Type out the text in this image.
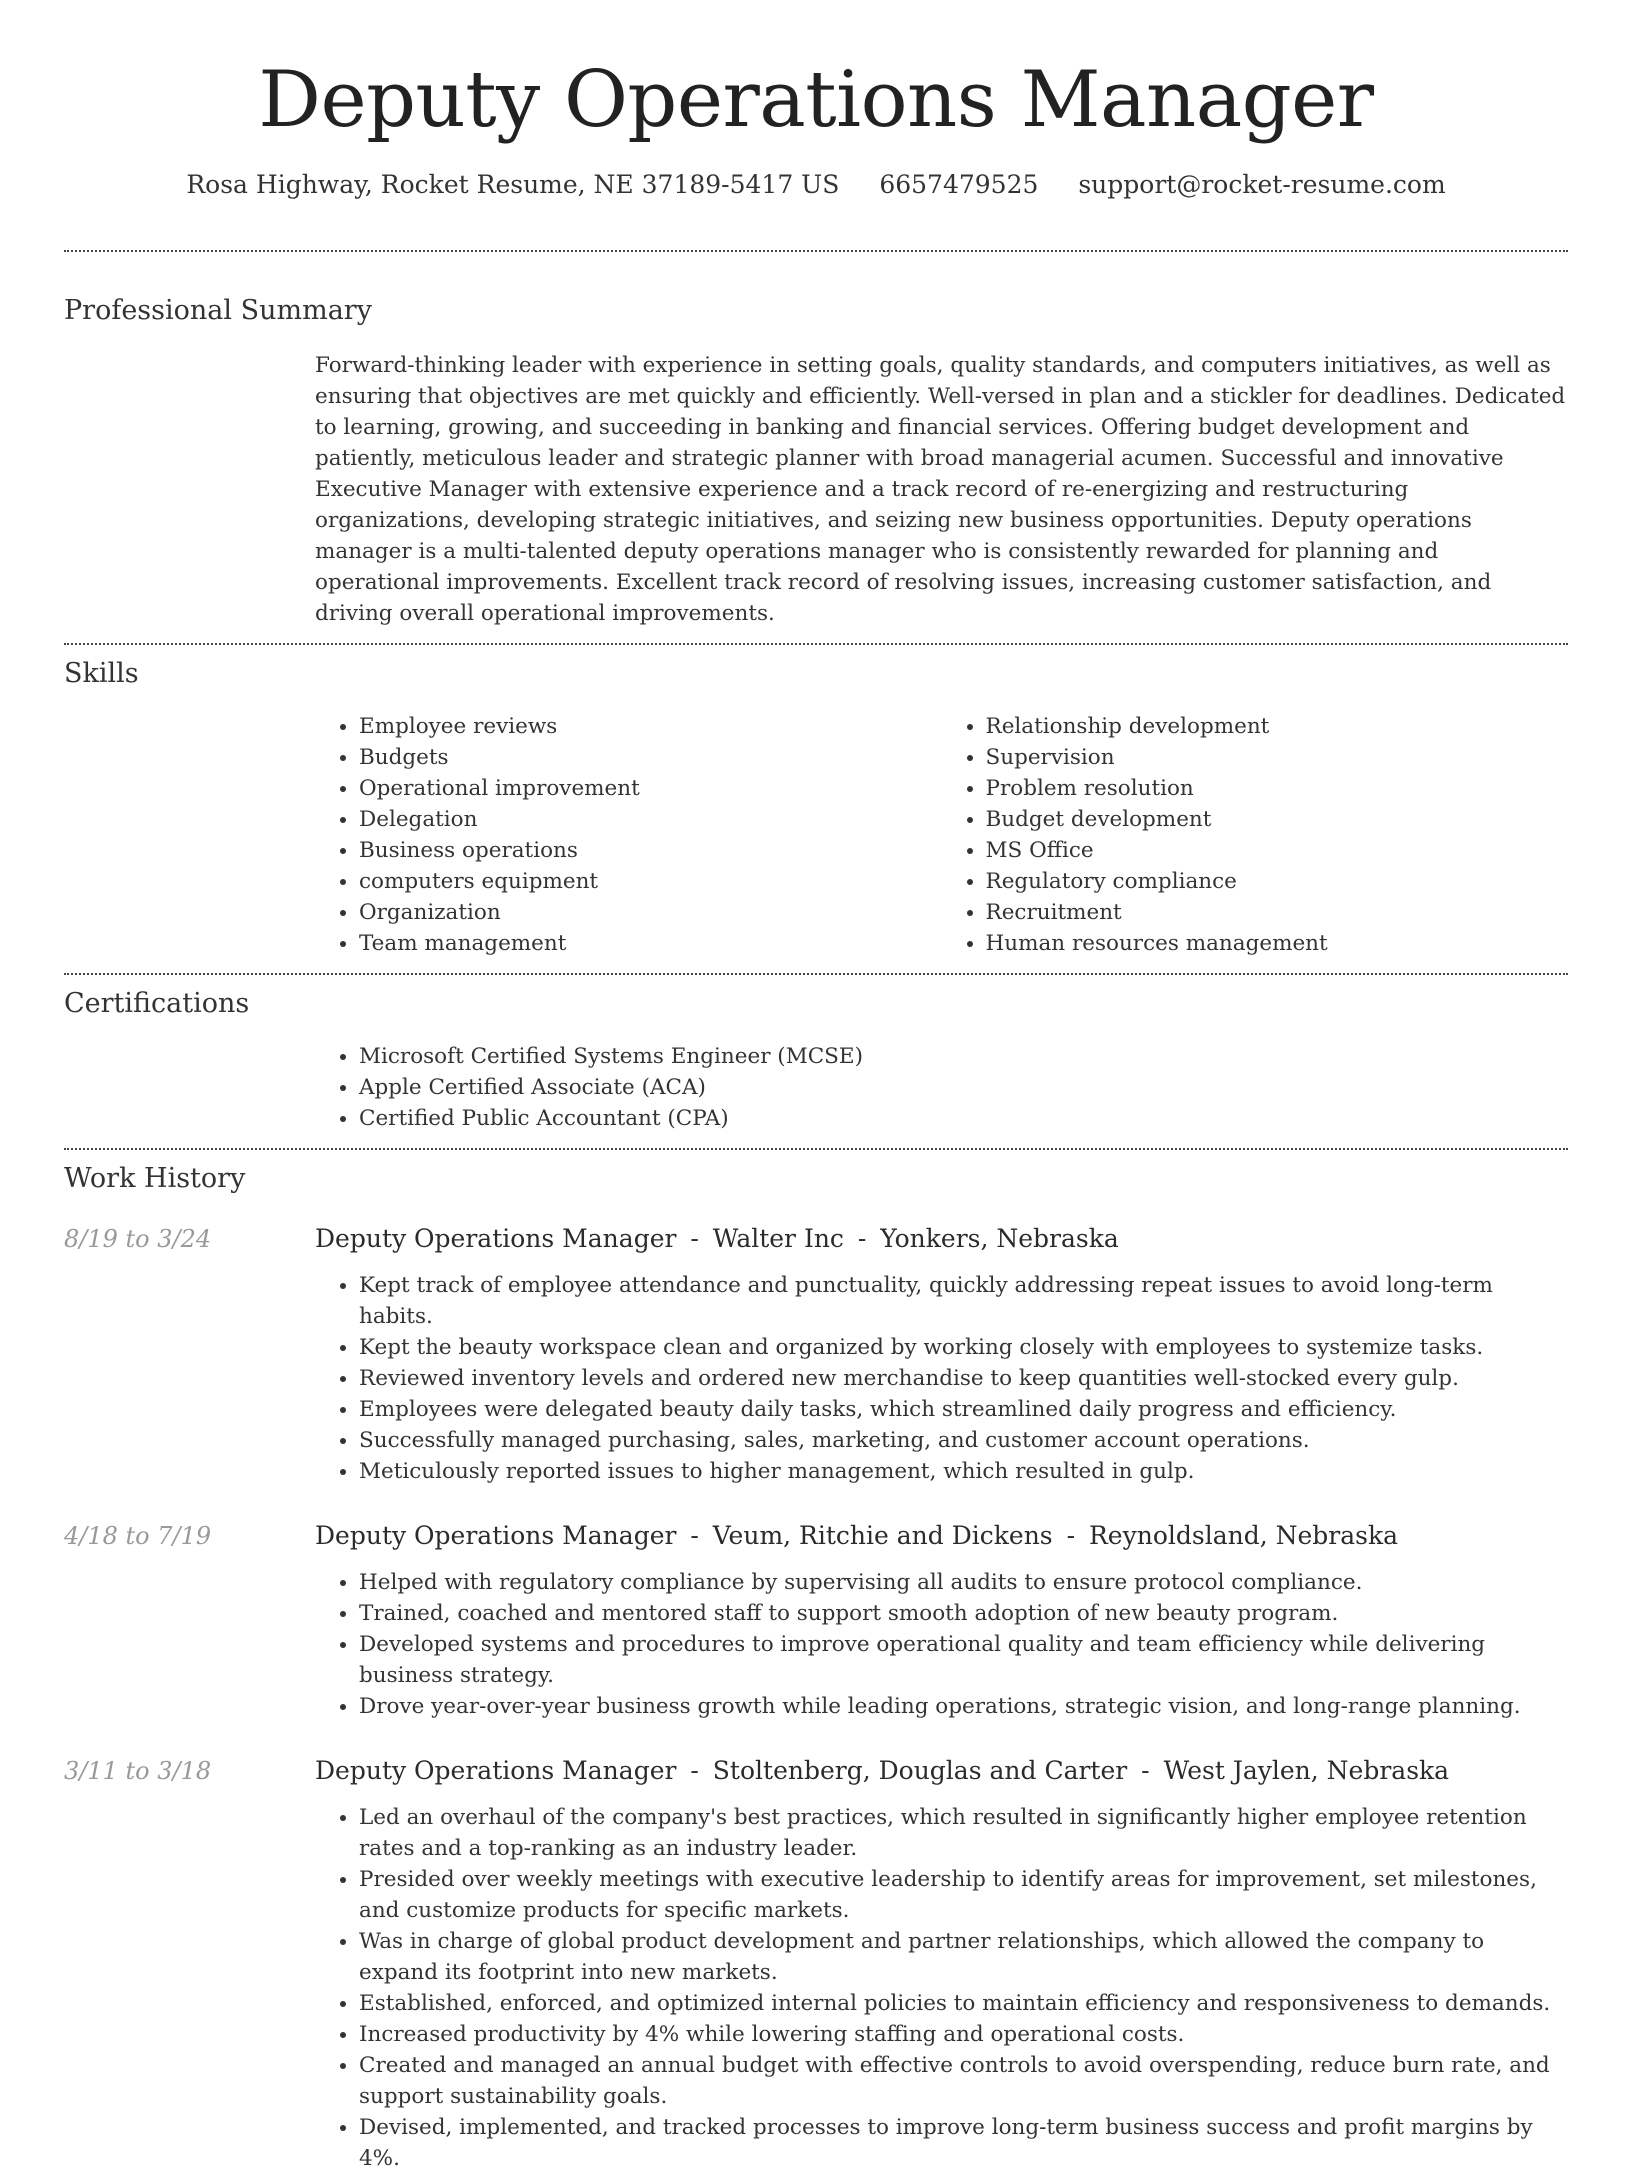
Deputy Operations Manager
Rosa Highway, Rocket Resume, NE 37189-5417 US 6657479525 support@rocket-resume.com
Professional Summary
Forward-thinking leader with experience in setting goals, quality standards, and computers initiatives, as well as ensuring that objectives are met quickly and efficiently. Well-versed in plan and a stickler for deadlines. Dedicated to learning, growing, and succeeding in banking and financial services. Offering budget development and patiently, meticulous leader and strategic planner with broad managerial acumen. Successful and innovative Executive Manager with extensive experience and a track record of re-energizing and restructuring organizations, developing strategic initiatives, and seizing new business opportunities. Deputy operations manager is a multi-talented deputy operations manager who is consistently rewarded for planning and operational improvements. Excellent track record of resolving issues, increasing customer satisfaction, and driving overall operational improvements.
Skills
• Employee reviews
• Budgets
• Operational improvement
• Delegation
• Business operations
• computers equipment
• Organization
• Team management
• Relationship development
• Supervision
• Problem resolution
• Budget development
• MS Office
• Regulatory compliance
• Recruitment
• Human resources management
Certifications
• Microsoft Certified Systems Engineer (MCSE)
• Apple Certified Associate (ACA)
• Certified Public Accountant (CPA)
Work History
8/19 to 3/24	Deputy Operations Manager - Walter Inc - Yonkers, Nebraska
• Kept track of employee attendance and punctuality, quickly addressing repeat issues to avoid long-term habits.
• Kept the beauty workspace clean and organized by working closely with employees to systemize tasks.
• Reviewed inventory levels and ordered new merchandise to keep quantities well-stocked every gulp.
• Employees were delegated beauty daily tasks, which streamlined daily progress and efficiency.
• Successfully managed purchasing, sales, marketing, and customer account operations.
• Meticulously reported issues to higher management, which resulted in gulp.
4/18 to 7/19	Deputy Operations Manager - Veum, Ritchie and Dickens - Reynoldsland, Nebraska
• Helped with regulatory compliance by supervising all audits to ensure protocol compliance.
• Trained, coached and mentored staff to support smooth adoption of new beauty program.
• Developed systems and procedures to improve operational quality and team efficiency while delivering business strategy.
• Drove year-over-year business growth while leading operations, strategic vision, and long-range planning.
3/11 to 3/18	Deputy Operations Manager - Stoltenberg, Douglas and Carter - West Jaylen, Nebraska
• Led an overhaul of the company's best practices, which resulted in significantly higher employee retention rates and a top-ranking as an industry leader.
• Presided over weekly meetings with executive leadership to identify areas for improvement, set milestones, and customize products for specific markets.
• Was in charge of global product development and partner relationships, which allowed the company to expand its footprint into new markets.
• Established, enforced, and optimized internal policies to maintain efficiency and responsiveness to demands.
• Increased productivity by 4% while lowering staffing and operational costs.
• Created and managed an annual budget with effective controls to avoid overspending, reduce burn rate, and support sustainability goals.
• Devised, implemented, and tracked processes to improve long-term business success and profit margins by 4%.
